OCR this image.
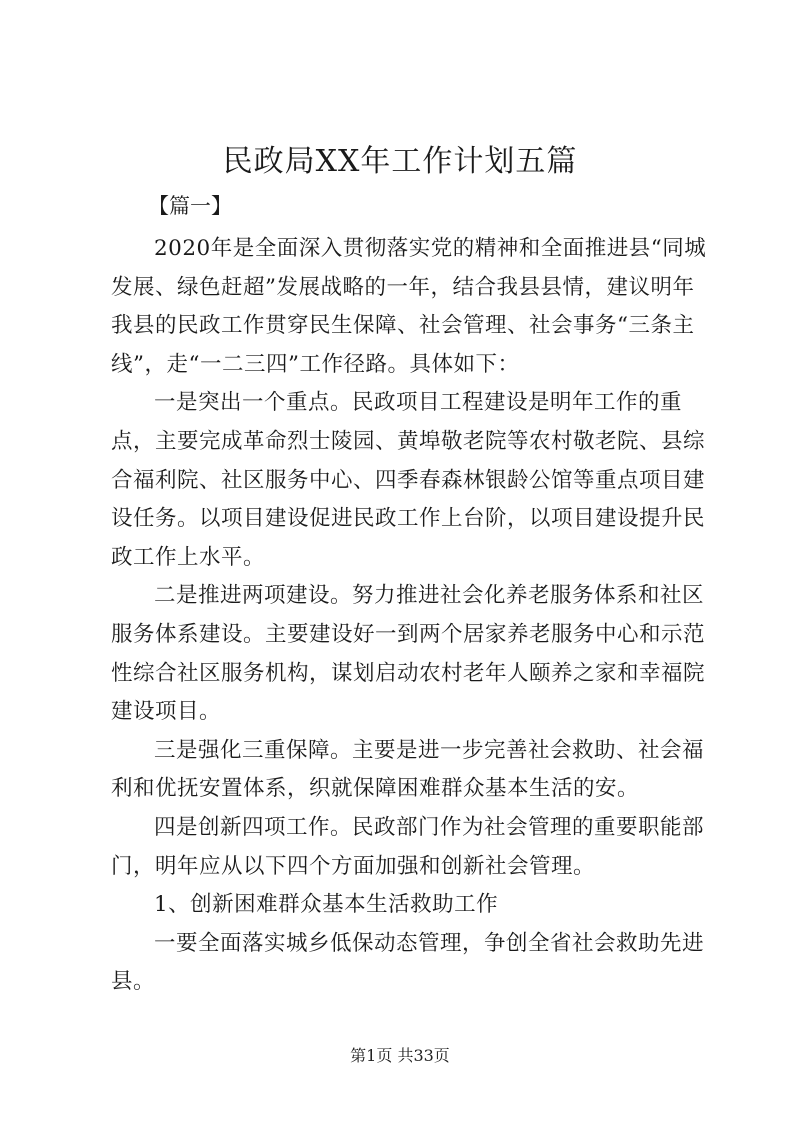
民政局XX年工作计划五篇
【篇一】

2020年是全面深入贯彻落实党的精神和全面推进县“同城发展、绿色赶超”发展战略的一年，结合我县县情，建议明年我县的民政工作贯穿民生保障、社会管理、社会事务“三条主线”，走“一二三四”工作径路。具体如下：

一是突出一个重点。民政项目工程建设是明年工作的重点，主要完成革命烈士陵园、黄埠敬老院等农村敬老院、县综合福利院、社区服务中心、四季春森林银龄公馆等重点项目建设任务。以项目建设促进民政工作上台阶，以项目建设提升民政工作上水平。

二是推进两项建设。努力推进社会化养老服务体系和社区服务体系建设。主要建设好一到两个居家养老服务中心和示范性综合社区服务机构，谋划启动农村老年人颐养之家和幸福院建设项目。

三是强化三重保障。主要是进一步完善社会救助、社会福利和优抚安置体系，织就保障困难群众基本生活的安。

四是创新四项工作。民政部门作为社会管理的重要职能部门，明年应从以下四个方面加强和创新社会管理。

1、创新困难群众基本生活救助工作

一要全面落实城乡低保动态管理，争创全省社会救助先进县。

第1页 共33页
